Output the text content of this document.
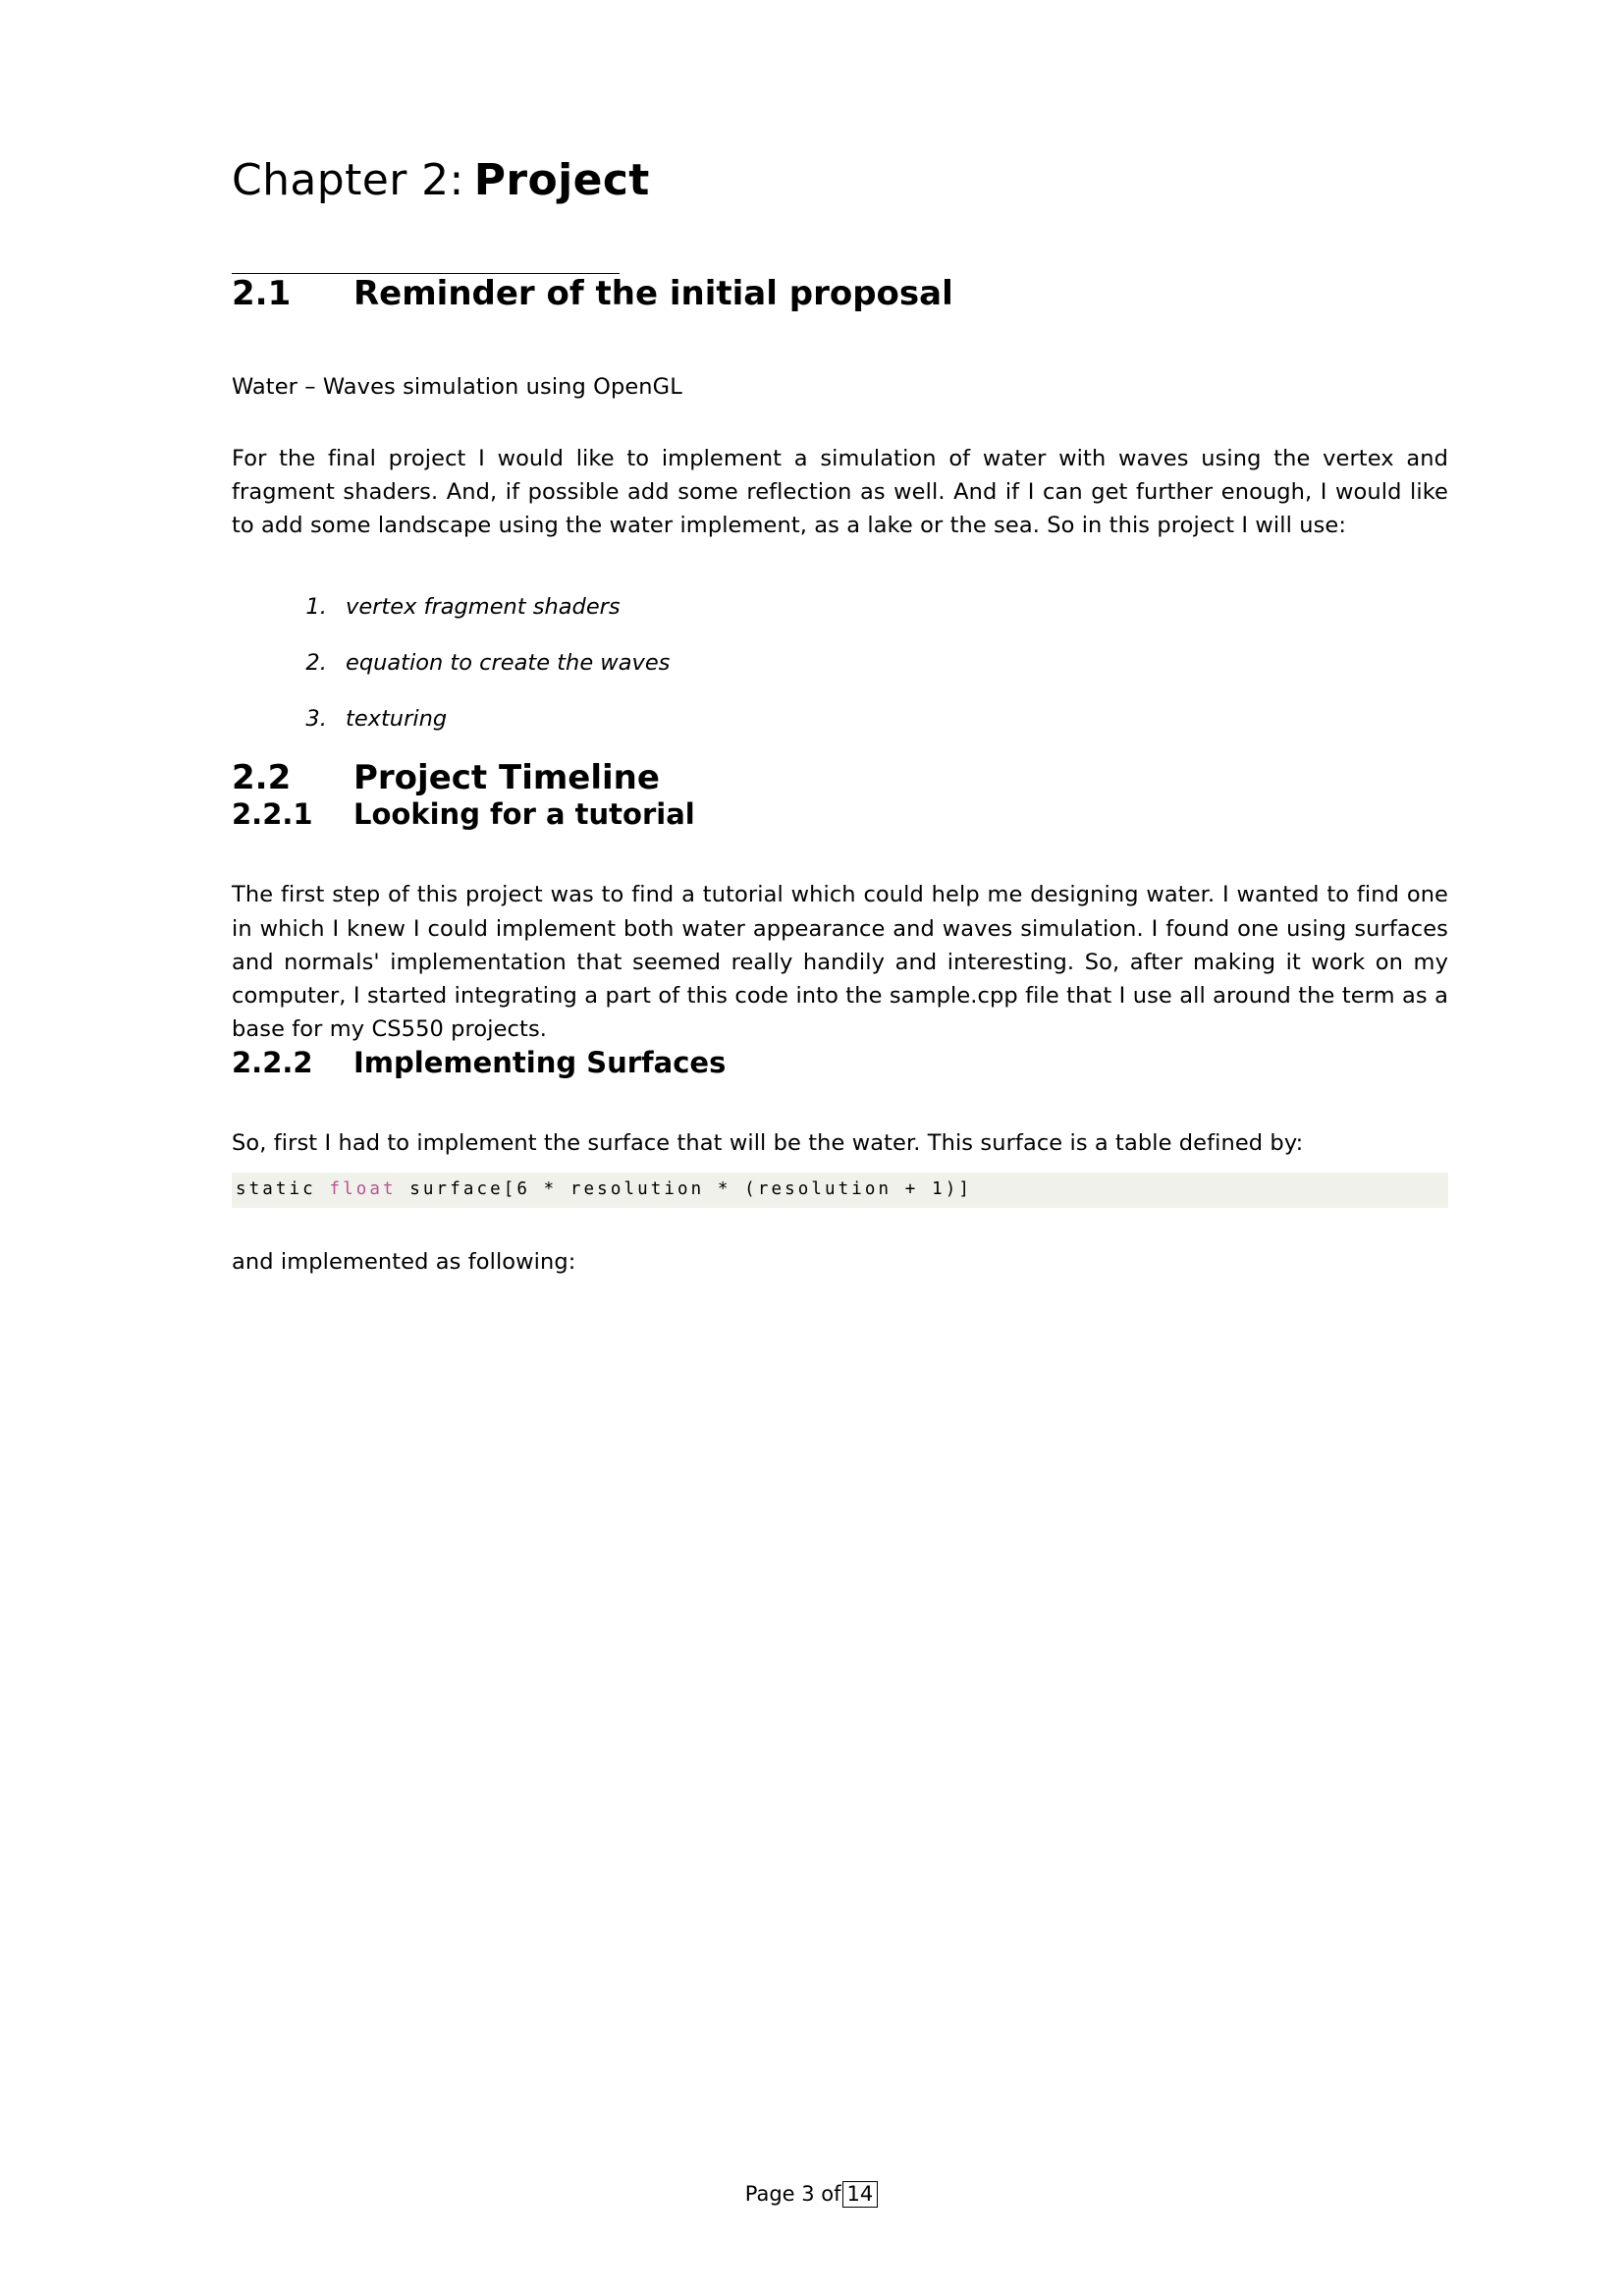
Chapter 2: Project
2.1	Reminder of the initial proposal

Water – Waves simulation using OpenGL

For the final project I would like to implement a simulation of water with waves using the vertex and fragment shaders. And, if possible add some reflection as well. And if I can get further enough, I would like to add some landscape using the water implement, as a lake or the sea. So in this project I will use:

1. vertex fragment shaders
2. equation to create the waves
3. texturing
2.2	Project Timeline
2.2.1	Looking for a tutorial

The first step of this project was to find a tutorial which could help me designing water. I wanted to find one in which I knew I could implement both water appearance and waves simulation. I found one using surfaces and normals' implementation that seemed really handily and interesting. So, after making it work on my computer, I started integrating a part of this code into the sample.cpp file that I use all around the term as a base for my CS550 projects.

2.2.2	Implementing Surfaces

So, first I had to implement the surface that will be the water. This surface is a table defined by:

static float surface[6 * resolution * (resolution + 1)]

and implemented as following:

Page 3 of 14
